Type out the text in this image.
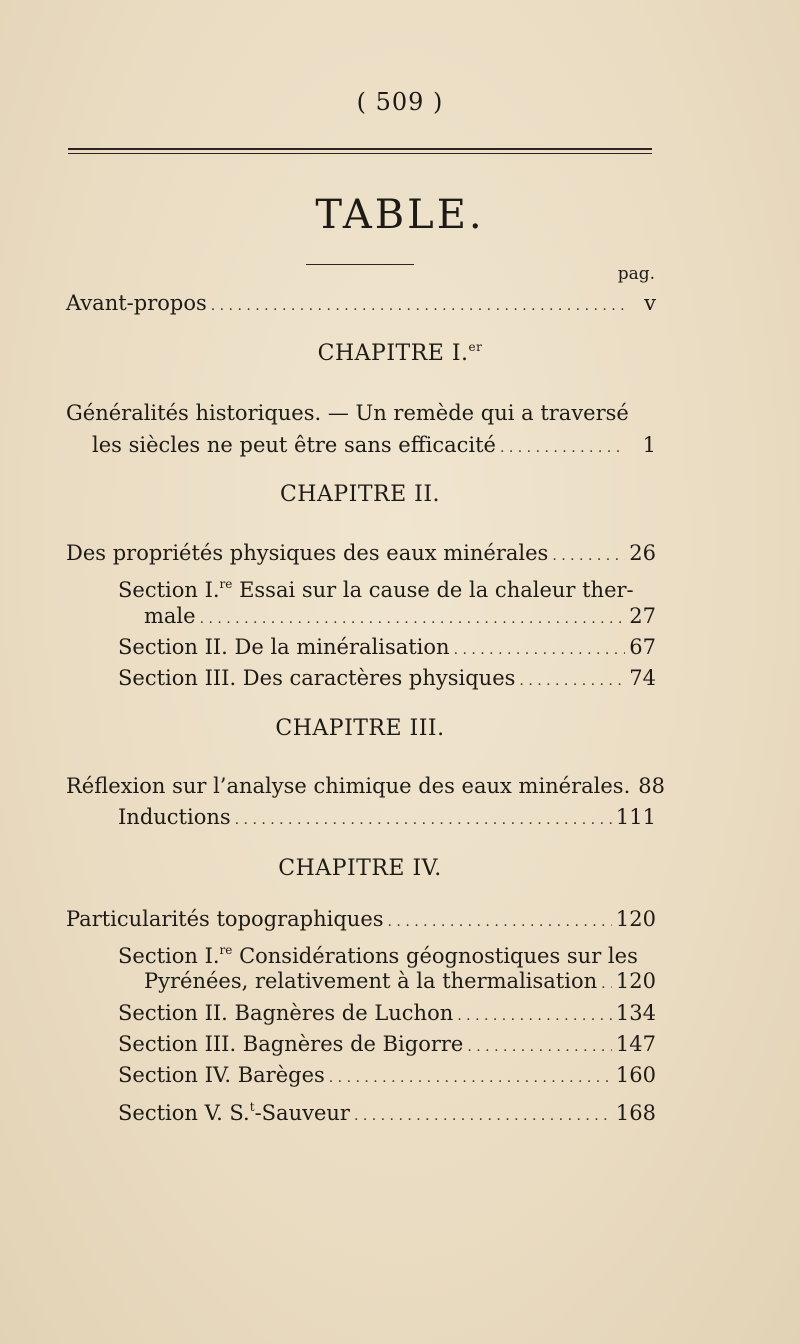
( 509 )
TABLE.
pag.
Avant-propos . . .	v
CHAPITRE I.$^{er}$
Généralités historiques. — Un remède qui a traversé
les siècles ne peut être sans efficacité . . .	1
CHAPITRE II.
Des propriétés physiques des eaux minérales . . .	26
Section I.$^{re}$ Essai sur la cause de la chaleur ther-
male . . .	27
Section II. De la minéralisation . . .	67
Section III. Des caractères physiques . . .	74
CHAPITRE III.
Réflexion sur l’analyse chimique des eaux minérales. 88
Inductions . . .	111
CHAPITRE IV.
Particularités topographiques . . .	120
Section I.$^{re}$ Considérations géognostiques sur les
Pyrénées, relativement à la thermalisation . . . 120
Section II. Bagnères de Luchon . . .	134
Section III. Bagnères de Bigorre . . .	147
Section IV. Barèges . . .	160
Section V. S.$^t$-Sauveur . . .	168
